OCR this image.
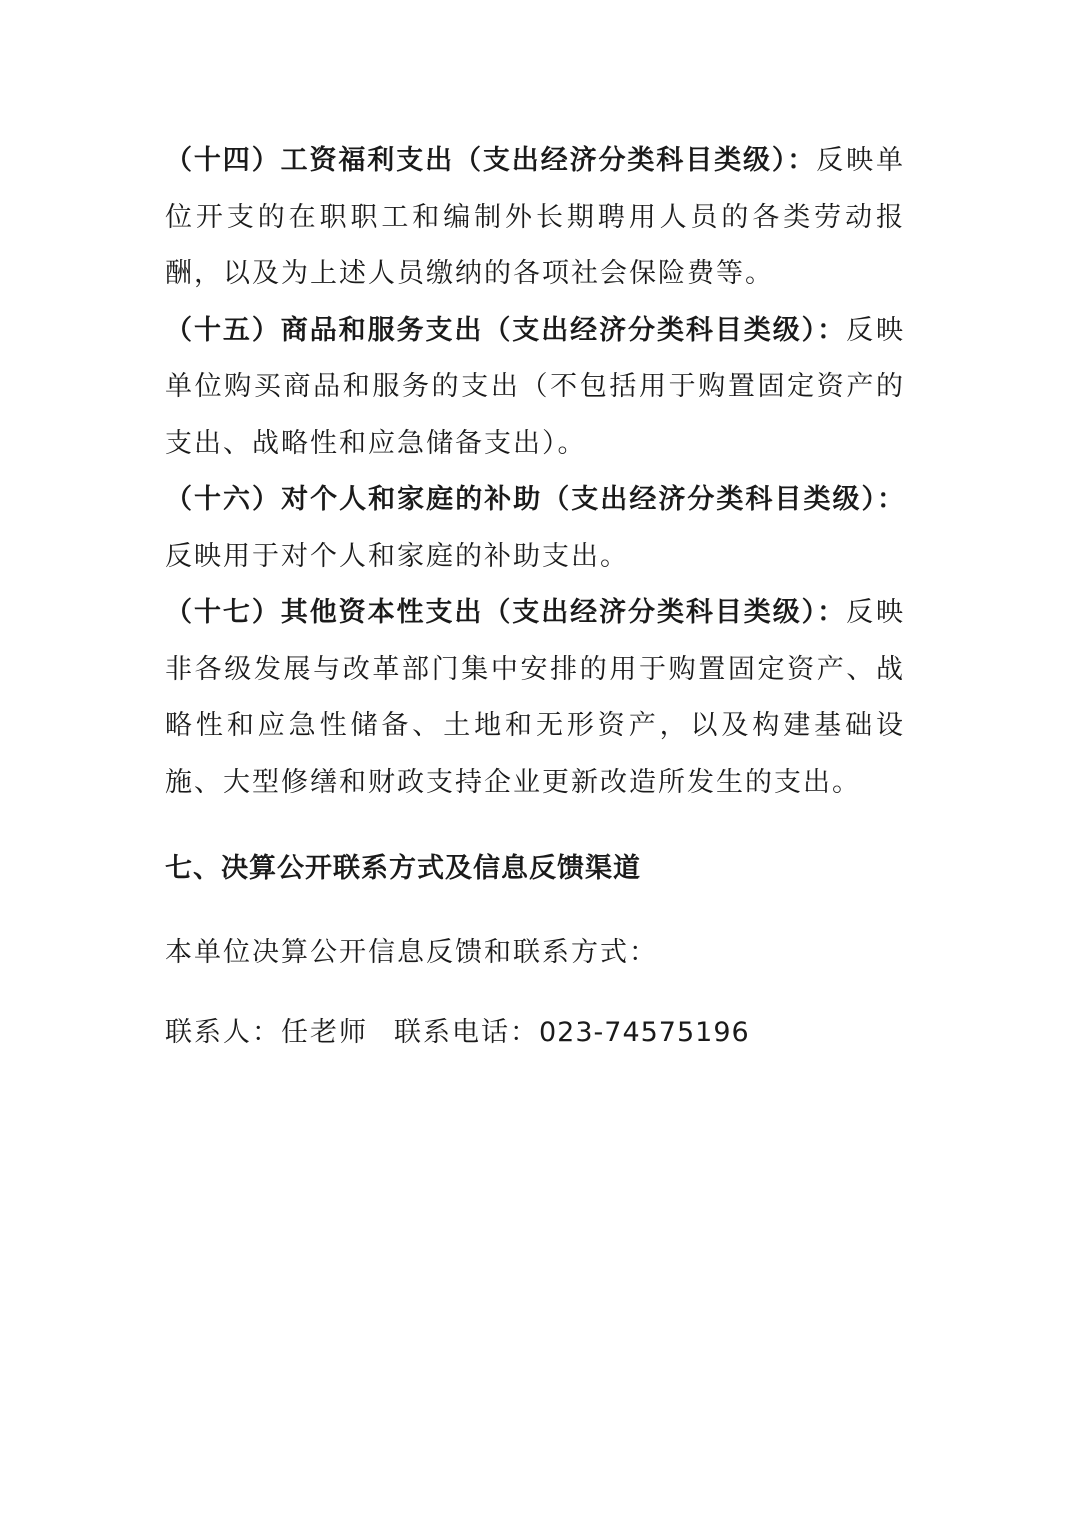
（十四）工资福利支出（支出经济分类科目类级）：反映单位开支的在职职工和编制外长期聘用人员的各类劳动报酬，以及为上述人员缴纳的各项社会保险费等。

（十五）商品和服务支出（支出经济分类科目类级）：反映单位购买商品和服务的支出（不包括用于购置固定资产的支出、战略性和应急储备支出）。

（十六）对个人和家庭的补助（支出经济分类科目类级）：反映用于对个人和家庭的补助支出。

（十七）其他资本性支出（支出经济分类科目类级）：反映非各级发展与改革部门集中安排的用于购置固定资产、战略性和应急性储备、土地和无形资产，以及构建基础设施、大型修缮和财政支持企业更新改造所发生的支出。

七、决算公开联系方式及信息反馈渠道

本单位决算公开信息反馈和联系方式：

联系人：任老师 联系电话：023-74575196
